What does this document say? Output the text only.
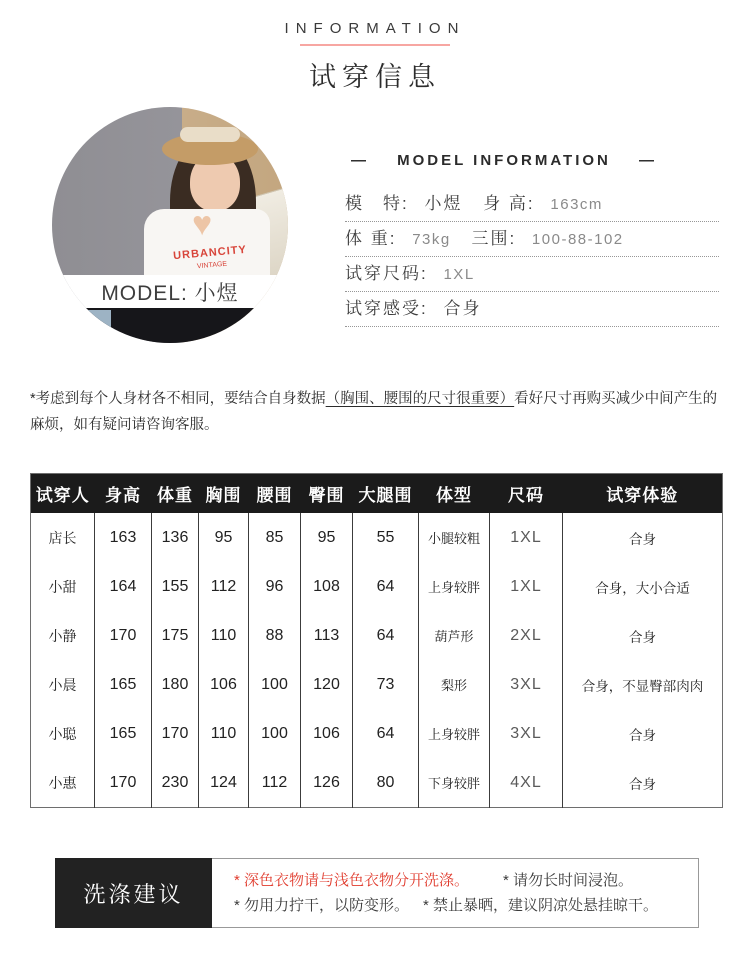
INFORMATION
试穿信息
♥
URBANCITY
VINTAGE
MODEL: 小煜
— MODEL INFORMATION —
模　特: 小煜 身 高: 163cm
体 重: 73kg 三围: 100-88-102
试穿尺码: 1XL
试穿感受: 合身
*考虑到每个人身材各不相同，要结合自身数据（胸围、腰围的尺寸很重要）看好尺寸再购买减少中间产生的麻烦，如有疑问请咨询客服。
试穿人	身高	体重	胸围	腰围	臀围	大腿围	体型	尺码	试穿体验
店长	163	136	95	85	95	55	小腿较粗	1XL	合身
小甜	164	155	112	96	108	64	上身较胖	1XL	合身，大小合适
小静	170	175	110	88	113	64	葫芦形	2XL	合身
小晨	165	180	106	100	120	73	梨形	3XL	合身，不显臀部肉肉
小聪	165	170	110	100	106	64	上身较胖	3XL	合身
小惠	170	230	124	112	126	80	下身较胖	4XL	合身
洗涤建议
* 深色衣物请与浅色衣物分开洗涤。 * 请勿长时间浸泡。
* 勿用力拧干，以防变形。 * 禁止暴晒，建议阴凉处悬挂晾干。
